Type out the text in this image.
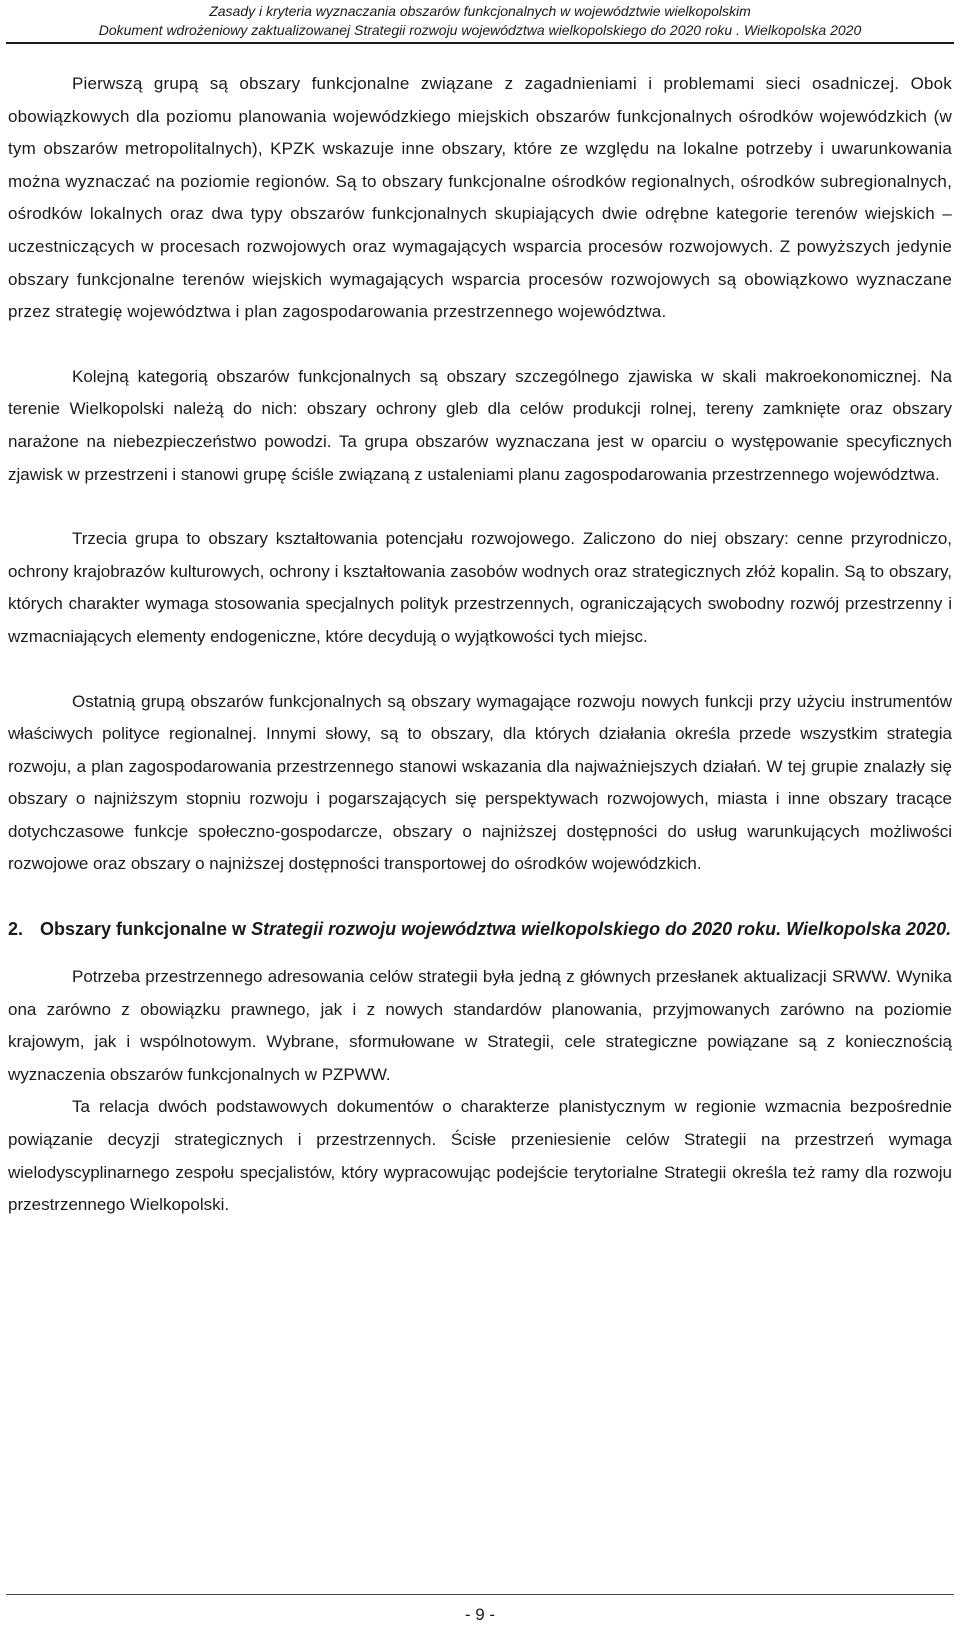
Zasady i kryteria wyznaczania obszarów funkcjonalnych w województwie wielkopolskim
Dokument wdrożeniowy zaktualizowanej Strategii rozwoju województwa wielkopolskiego do 2020 roku . Wielkopolska 2020

Pierwszą grupą są obszary funkcjonalne związane z zagadnieniami i problemami sieci osadniczej. Obok obowiązkowych dla poziomu planowania wojewódzkiego miejskich obszarów funkcjonalnych ośrodków wojewódzkich (w tym obszarów metropolitalnych), KPZK wskazuje inne obszary, które ze względu na lokalne potrzeby i uwarunkowania można wyznaczać na poziomie regionów. Są to obszary funkcjonalne ośrodków regionalnych, ośrodków subregionalnych, ośrodków lokalnych oraz dwa typy obszarów funkcjonalnych skupiających dwie odrębne kategorie terenów wiejskich – uczestniczących w procesach rozwojowych oraz wymagających wsparcia procesów rozwojowych. Z powyższych jedynie obszary funkcjonalne terenów wiejskich wymagających wsparcia procesów rozwojowych są obowiązkowo wyznaczane przez strategię województwa i plan zagospodarowania przestrzennego województwa.

Kolejną kategorią obszarów funkcjonalnych są obszary szczególnego zjawiska w skali makroekonomicznej. Na terenie Wielkopolski należą do nich: obszary ochrony gleb dla celów produkcji rolnej, tereny zamknięte oraz obszary narażone na niebezpieczeństwo powodzi. Ta grupa obszarów wyznaczana jest w oparciu o występowanie specyficznych zjawisk w przestrzeni i stanowi grupę ściśle związaną z ustaleniami planu zagospodarowania przestrzennego województwa.

Trzecia grupa to obszary kształtowania potencjału rozwojowego. Zaliczono do niej obszary: cenne przyrodniczo, ochrony krajobrazów kulturowych, ochrony i kształtowania zasobów wodnych oraz strategicznych złóż kopalin. Są to obszary, których charakter wymaga stosowania specjalnych polityk przestrzennych, ograniczających swobodny rozwój przestrzenny i wzmacniających elementy endogeniczne, które decydują o wyjątkowości tych miejsc.

Ostatnią grupą obszarów funkcjonalnych są obszary wymagające rozwoju nowych funkcji przy użyciu instrumentów właściwych polityce regionalnej. Innymi słowy, są to obszary, dla których działania określa przede wszystkim strategia rozwoju, a plan zagospodarowania przestrzennego stanowi wskazania dla najważniejszych działań. W tej grupie znalazły się obszary o najniższym stopniu rozwoju i pogarszających się perspektywach rozwojowych, miasta i inne obszary tracące dotychczasowe funkcje społeczno-gospodarcze, obszary o najniższej dostępności do usług warunkujących możliwości rozwojowe oraz obszary o najniższej dostępności transportowej do ośrodków wojewódzkich.

2. Obszary funkcjonalne w Strategii rozwoju województwa wielkopolskiego do 2020 roku. Wielkopolska 2020.

Potrzeba przestrzennego adresowania celów strategii była jedną z głównych przesłanek aktualizacji SRWW. Wynika ona zarówno z obowiązku prawnego, jak i z nowych standardów planowania, przyjmowanych zarówno na poziomie krajowym, jak i wspólnotowym. Wybrane, sformułowane w Strategii, cele strategiczne powiązane są z koniecznością wyznaczenia obszarów funkcjonalnych w PZPWW.

Ta relacja dwóch podstawowych dokumentów o charakterze planistycznym w regionie wzmacnia bezpośrednie powiązanie decyzji strategicznych i przestrzennych. Ścisłe przeniesienie celów Strategii na przestrzeń wymaga wielodyscyplinarnego zespołu specjalistów, który wypracowując podejście terytorialne Strategii określa też ramy dla rozwoju przestrzennego Wielkopolski.

- 9 -
